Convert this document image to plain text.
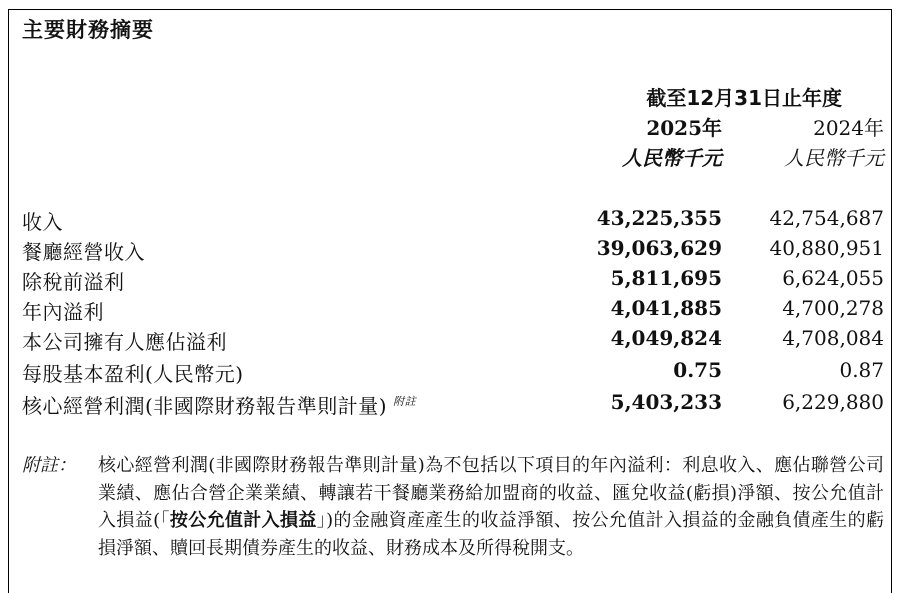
主要財務摘要
截至12月31日止年度
2025年	2024年
人民幣千元	人民幣千元
收入	43,225,355 42,754,687
餐廳經營收入	39,063,629 40,880,951
除稅前溢利	5,811,695	6,624,055
年內溢利	4,041,885	4,700,278
本公司擁有人應佔溢利	4,049,824	4,708,084
每股基本盈利(人民幣元)	0.75	0.87
核心經營利潤(非國際財務報告準則計量) $^{附註}$	5,403,233	6,229,880
附註： 核心經營利潤(非國際財務報告準則計量)為不包括以下項目的年內溢利：利息收入、應佔聯營公司業績、應佔合營企業業績、轉讓若干餐廳業務給加盟商的收益、匯兌收益(虧損)淨額、按公允值計入損益(「按公允值計入損益」)的金融資產產生的收益淨額、按公允值計入損益的金融負債產生的虧損淨額、贖回長期債券產生的收益、財務成本及所得稅開支。
